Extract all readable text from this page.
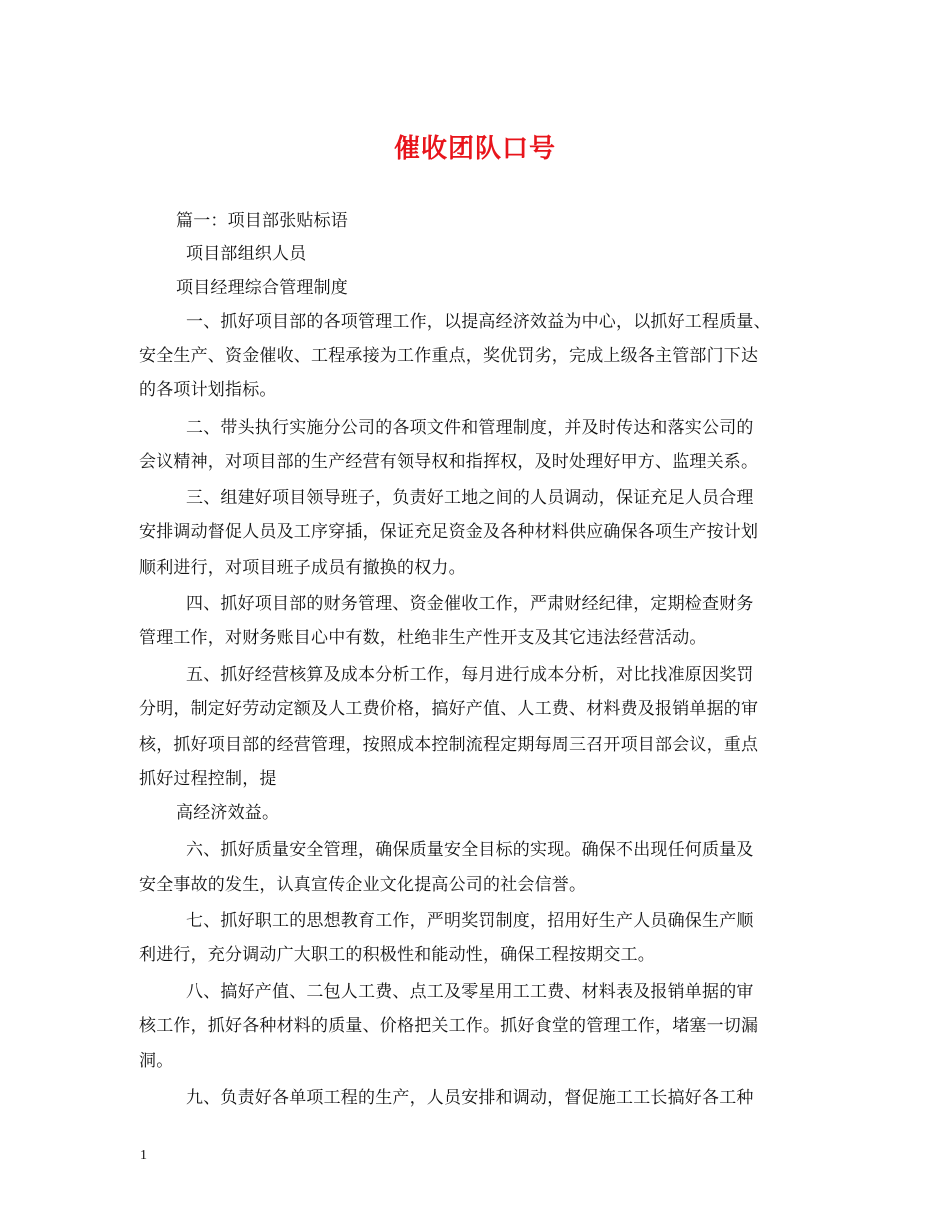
催收团队口号
篇一：项目部张贴标语
项目部组织人员
项目经理综合管理制度
一、抓好项目部的各项管理工作，以提高经济效益为中心，以抓好工程质量、
安全生产、资金催收、工程承接为工作重点，奖优罚劣，完成上级各主管部门下达
的各项计划指标。
二、带头执行实施分公司的各项文件和管理制度，并及时传达和落实公司的
会议精神，对项目部的生产经营有领导权和指挥权，及时处理好甲方、监理关系。
三、组建好项目领导班子，负责好工地之间的人员调动，保证充足人员合理
安排调动督促人员及工序穿插，保证充足资金及各种材料供应确保各项生产按计划
顺利进行，对项目班子成员有撤换的权力。
四、抓好项目部的财务管理、资金催收工作，严肃财经纪律，定期检查财务
管理工作，对财务账目心中有数，杜绝非生产性开支及其它违法经营活动。
五、抓好经营核算及成本分析工作，每月进行成本分析，对比找准原因奖罚
分明，制定好劳动定额及人工费价格，搞好产值、人工费、材料费及报销单据的审
核，抓好项目部的经营管理，按照成本控制流程定期每周三召开项目部会议，重点
抓好过程控制，提
高经济效益。
六、抓好质量安全管理，确保质量安全目标的实现。确保不出现任何质量及
安全事故的发生，认真宣传企业文化提高公司的社会信誉。
七、抓好职工的思想教育工作，严明奖罚制度，招用好生产人员确保生产顺
利进行，充分调动广大职工的积极性和能动性，确保工程按期交工。
八、搞好产值、二包人工费、点工及零星用工工费、材料表及报销单据的审
核工作，抓好各种材料的质量、价格把关工作。抓好食堂的管理工作，堵塞一切漏
洞。
九、负责好各单项工程的生产，人员安排和调动，督促施工工长搞好各工种
1
